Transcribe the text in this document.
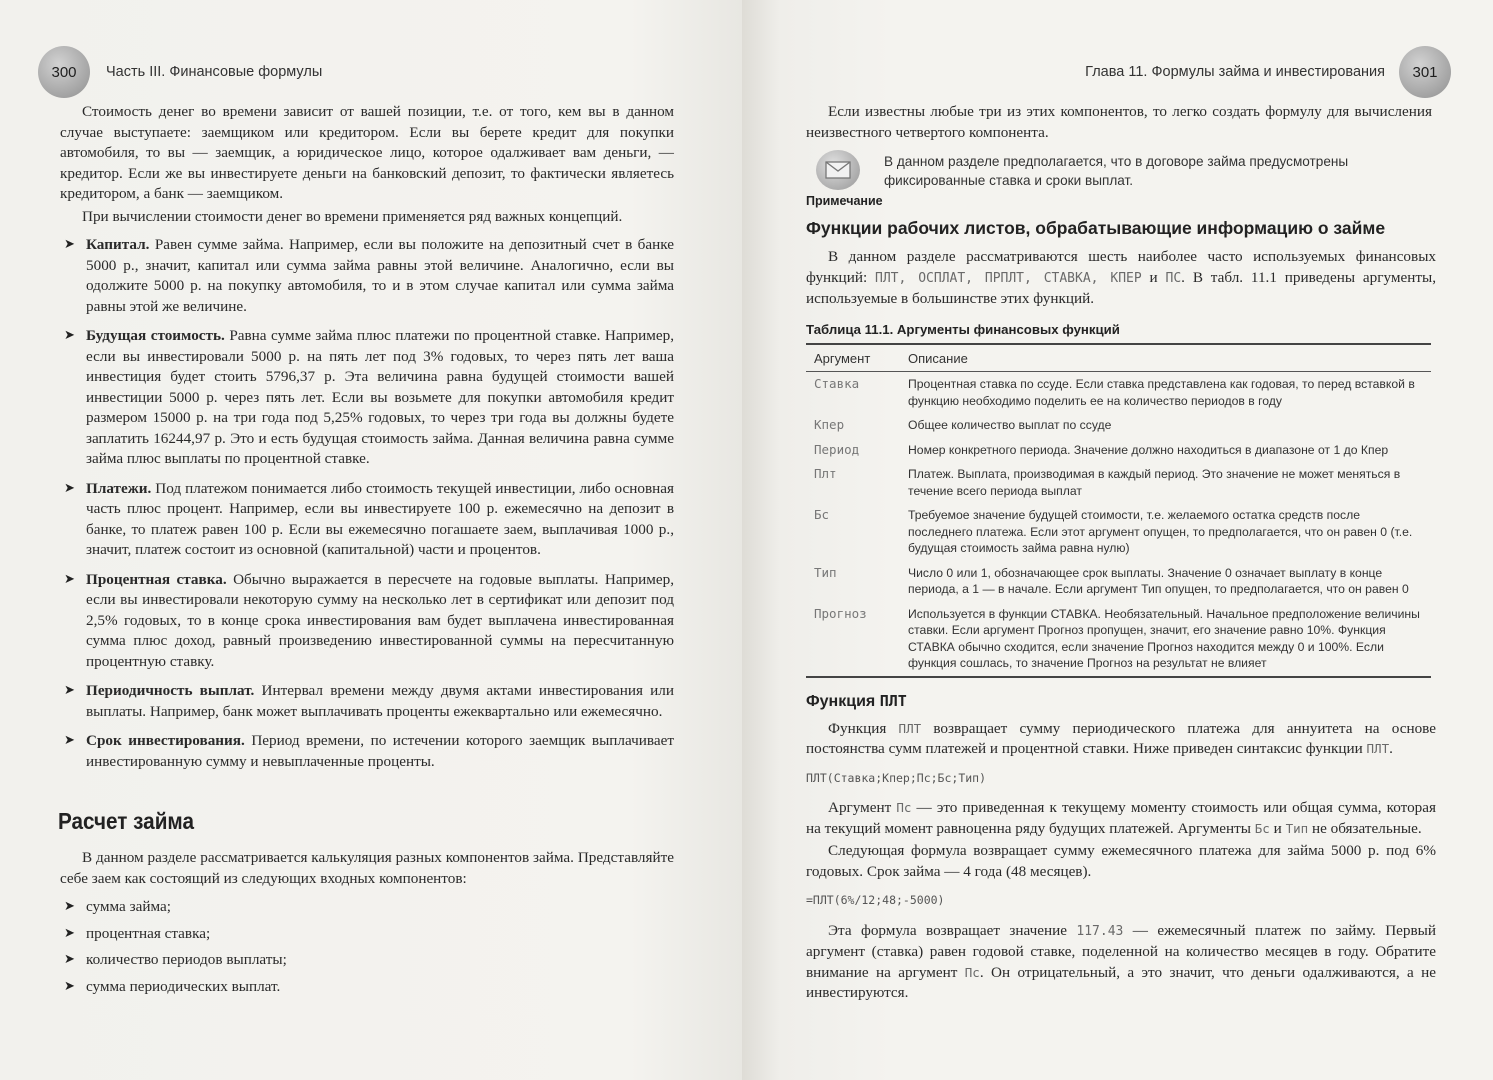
300 Часть III. Финансовые формулы

Стоимость денег во времени зависит от вашей позиции, т.е. от того, кем вы в данном случае выступаете: заемщиком или кредитором. Если вы берете кредит для покупки автомобиля, то вы — заемщик, а юридическое лицо, которое одалживает вам деньги, — кредитор. Если же вы инвестируете деньги на банковский депозит, то фактически являетесь кредитором, а банк — заемщиком.

При вычислении стоимости денег во времени применяется ряд важных концепций.

➤ Капитал. Равен сумме займа. Например, если вы положите на депозитный счет в банке 5000 р., значит, капитал или сумма займа равны этой величине. Аналогично, если вы одолжите 5000 р. на покупку автомобиля, то и в этом случае капитал или сумма займа равны этой же величине.
➤ Будущая стоимость. Равна сумме займа плюс платежи по процентной ставке. Например, если вы инвестировали 5000 р. на пять лет под 3% годовых, то через пять лет ваша инвестиция будет стоить 5796,37 р. Эта величина равна будущей стоимости вашей инвестиции 5000 р. через пять лет. Если вы возьмете для покупки автомобиля кредит размером 15000 р. на три года под 5,25% годовых, то через три года вы должны будете заплатить 16244,97 р. Это и есть будущая стоимость займа. Данная величина равна сумме займа плюс выплаты по процентной ставке.
➤ Платежи. Под платежом понимается либо стоимость текущей инвестиции, либо основная часть плюс процент. Например, если вы инвестируете 100 р. ежемесячно на депозит в банке, то платеж равен 100 р. Если вы ежемесячно погашаете заем, выплачивая 1000 р., значит, платеж состоит из основной (капитальной) части и процентов.
➤ Процентная ставка. Обычно выражается в пересчете на годовые выплаты. Например, если вы инвестировали некоторую сумму на несколько лет в сертификат или депозит под 2,5% годовых, то в конце срока инвестирования вам будет выплачена инвестированная сумма плюс доход, равный произведению инвестированной суммы на пересчитанную процентную ставку.
➤ Периодичность выплат. Интервал времени между двумя актами инвестирования или выплаты. Например, банк может выплачивать проценты ежеквартально или ежемесячно.
➤ Срок инвестирования. Период времени, по истечении которого заемщик выплачивает инвестированную сумму и невыплаченные проценты.
Расчет займа

В данном разделе рассматривается калькуляция разных компонентов займа. Представляйте себе заем как состоящий из следующих входных компонентов:

➤ сумма займа;
➤ процентная ставка;
➤ количество периодов выплаты;
➤ сумма периодических выплат.
Глава 11. Формулы займа и инвестирования 301

Если известны любые три из этих компонентов, то легко создать формулу для вычисления неизвестного четвертого компонента.

Примечание
В данном разделе предполагается, что в договоре займа предусмотрены фиксированные ставка и сроки выплат.
Функции рабочих листов, обрабатывающие информацию о займе

В данном разделе рассматриваются шесть наиболее часто используемых финансовых функций: ПЛТ, ОСПЛАТ, ПРПЛТ, СТАВКА, КПЕР и ПС. В табл. 11.1 приведены аргументы, используемые в большинстве этих функций.

Таблица 11.1. Аргументы финансовых функций
Аргумент	Описание
Ставка	Процентная ставка по ссуде. Если ставка представлена как годовая, то перед вставкой в функцию необходимо поделить ее на количество периодов в году
Кпер	Общее количество выплат по ссуде
Период	Номер конкретного периода. Значение должно находиться в диапазоне от 1 до Кпер
Плт	Платеж. Выплата, производимая в каждый период. Это значение не может меняться в течение всего периода выплат
Бс	Требуемое значение будущей стоимости, т.е. желаемого остатка средств после последнего платежа. Если этот аргумент опущен, то предполагается, что он равен 0 (т.е. будущая стоимость займа равна нулю)
Тип	Число 0 или 1, обозначающее срок выплаты. Значение 0 означает выплату в конце периода, а 1 — в начале. Если аргумент Тип опущен, то предполагается, что он равен 0
Прогноз	Используется в функции СТАВКА. Необязательный. Начальное предположение величины ставки. Если аргумент Прогноз пропущен, значит, его значение равно 10%. Функция СТАВКА обычно сходится, если значение Прогноз находится между 0 и 100%. Если функция сошлась, то значение Прогноз на результат не влияет
Функция ПЛТ

Функция ПЛТ возвращает сумму периодического платежа для аннуитета на основе постоянства сумм платежей и процентной ставки. Ниже приведен синтаксис функции ПЛТ.

ПЛТ(Ставка;Кпер;Пс;Бс;Тип)

Аргумент Пс — это приведенная к текущему моменту стоимость или общая сумма, которая на текущий момент равноценна ряду будущих платежей. Аргументы Бс и Тип не обязательные.

Следующая формула возвращает сумму ежемесячного платежа для займа 5000 р. под 6% годовых. Срок займа — 4 года (48 месяцев).

=ПЛТ(6%/12;48;-5000)

Эта формула возвращает значение 117.43 — ежемесячный платеж по займу. Первый аргумент (ставка) равен годовой ставке, поделенной на количество месяцев в году. Обратите внимание на аргумент Пс. Он отрицательный, а это значит, что деньги одалживаются, а не инвестируются.
